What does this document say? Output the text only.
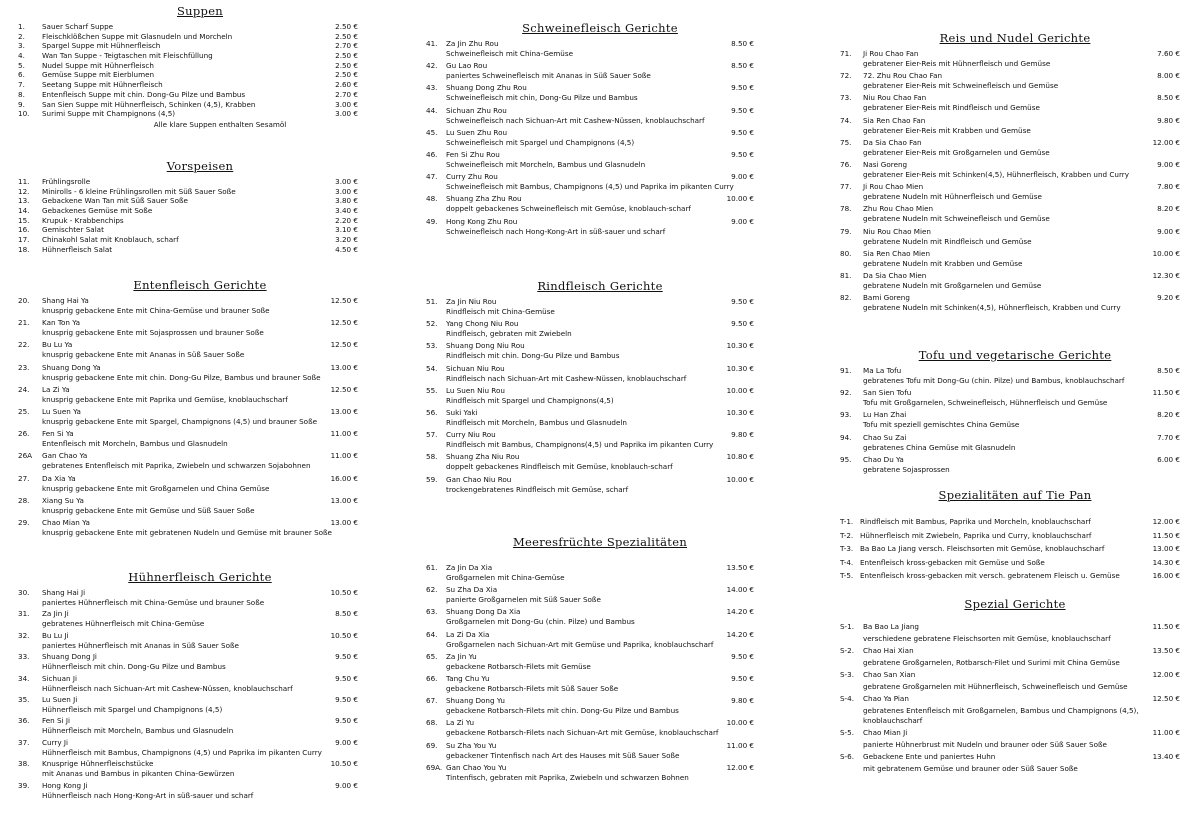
Suppen
1. Sauer Scharf Suppe	2.50 €
2. Fleischklößchen Suppe mit Glasnudeln und Morcheln	2.50 €
3. Spargel Suppe mit Hühnerfleisch	2.70 €
4. Wan Tan Suppe - Teigtaschen mit Fleischfüllung	2.50 €
5. Nudel Suppe mit Hühnerfleisch	2.50 €
6. Gemüse Suppe mit Eierblumen	2.50 €
7. Seetang Suppe mit Hühnerfleisch	2.60 €
8. Entenfleisch Suppe mit chin. Dong-Gu Pilze und Bambus	2.70 €
9. San Sien Suppe mit Hühnerfleisch, Schinken (4,5), Krabben	3.00 €
10. Surimi Suppe mit Champignons (4,5)	3.00 €
Alle klare Suppen enthalten Sesamöl
Vorspeisen
11. Frühlingsrolle	3.00 €
12. Minirolls - 6 kleine Frühlingsrollen mit Süß Sauer Soße	3.00 €
13. Gebackene Wan Tan mit Süß Sauer Soße	3.80 €
14. Gebackenes Gemüse mit Soße	3.40 €
15. Krupuk - Krabbenchips	2.20 €
16. Gemischter Salat	3.10 €
17. Chinakohl Salat mit Knoblauch, scharf	3.20 €
18. Hühnerfleisch Salat	4.50 €
Entenfleisch Gerichte
20. Shang Hai Ya	12.50 €
knusprig gebackene Ente mit China-Gemüse und brauner Soße
21. Kan Ton Ya	12.50 €
knusprig gebackene Ente mit Sojasprossen und brauner Soße
22. Bu Lu Ya	12.50 €
knusprig gebackene Ente mit Ananas in Süß Sauer Soße
23. Shuang Dong Ya	13.00 €
knusprig gebackene Ente mit chin. Dong-Gu Pilze, Bambus und brauner Soße
24. La Zi Ya	12.50 €
knusprig gebackene Ente mit Paprika und Gemüse, knoblauchscharf
25. Lu Suen Ya	13.00 €
knusprig gebackene Ente mit Spargel, Champignons (4,5) und brauner Soße
26. Fen Si Ya	11.00 €
Entenfleisch mit Morcheln, Bambus und Glasnudeln
26A Gan Chao Ya	11.00 €
gebratenes Entenfleisch mit Paprika, Zwiebeln und schwarzen Sojabohnen
27. Da Xia Ya	16.00 €
knusprig gebackene Ente mit Großgarnelen und China Gemüse
28. Xiang Su Ya	13.00 €
knusprig gebackene Ente mit Gemüse und Süß Sauer Soße
29. Chao Mian Ya	13.00 €
knusprig gebackene Ente mit gebratenen Nudeln und Gemüse mit brauner Soße
Hühnerfleisch Gerichte
30. Shang Hai Ji	10.50 €
paniertes Hühnerfleisch mit China-Gemüse und brauner Soße
31. Za Jin Ji	8.50 €
gebratenes Hühnerfleisch mit China-Gemüse
32. Bu Lu Ji	10.50 €
paniertes Hühnerfleisch mit Ananas in Süß Sauer Soße
33. Shuang Dong Ji	9.50 €
Hühnerfleisch mit chin. Dong-Gu Pilze und Bambus
34. Sichuan Ji	9.50 €
Hühnerfleisch nach Sichuan-Art mit Cashew-Nüssen, knoblauchscharf
35. Lu Suen Ji	9.50 €
Hühnerfleisch mit Spargel und Champignons (4,5)
36. Fen Si Ji	9.50 €
Hühnerfleisch mit Morcheln, Bambus und Glasnudeln
37. Curry Ji	9.00 €
Hühnerfleisch mit Bambus, Champignons (4,5) und Paprika im pikanten Curry
38. Knusprige Hühnerfleischstücke	10.50 €
mit Ananas und Bambus in pikanten China-Gewürzen
39. Hong Kong Ji	9.00 €
Hühnerfleisch nach Hong-Kong-Art in süß-sauer und scharf
Schweinefleisch Gerichte
41. Za Jin Zhu Rou	8.50 €
Schweinefleisch mit China-Gemüse
42. Gu Lao Rou	8.50 €
paniertes Schweinefleisch mit Ananas in Süß Sauer Soße
43. Shuang Dong Zhu Rou	9.50 €
Schweinefleisch mit chin, Dong-Gu Pilze und Bambus
44. Sichuan Zhu Rou	9.50 €
Schweinefleisch nach Sichuan-Art mit Cashew-Nüssen, knoblauchscharf
45. Lu Suen Zhu Rou	9.50 €
Schweinefleisch mit Spargel und Champignons (4,5)
46. Fen Si Zhu Rou	9.50 €
Schweinefleisch mit Morcheln, Bambus und Glasnudeln
47. Curry Zhu Rou	9.00 €
Schweinefleisch mit Bambus, Champignons (4,5) und Paprika im pikanten Curry
48. Shuang Zha Zhu Rou	10.00 €
doppelt gebackenes Schweinefleisch mit Gemüse, knoblauch-scharf
49. Hong Kong Zhu Rou	9.00 €
Schweinefleisch nach Hong-Kong-Art in süß-sauer und scharf
Rindfleisch Gerichte
51. Za Jin Niu Rou	9.50 €
Rindfleisch mit China-Gemüse
52. Yang Chong Niu Rou	9.50 €
Rindfleisch, gebraten mit Zwiebeln
53. Shuang Dong Niu Rou	10.30 €
Rindfleisch mit chin. Dong-Gu Pilze und Bambus
54. Sichuan Niu Rou	10.30 €
Rindfleisch nach Sichuan-Art mit Cashew-Nüssen, knoblauchscharf
55. Lu Suen Niu Rou	10.00 €
Rindfleisch mit Spargel und Champignons(4,5)
56. Suki Yaki	10.30 €
Rindfleisch mit Morcheln, Bambus und Glasnudeln
57. Curry Niu Rou	9.80 €
Rindfleisch mit Bambus, Champignons(4,5) und Paprika im pikanten Curry
58. Shuang Zha Niu Rou	10.80 €
doppelt gebackenes Rindfleisch mit Gemüse, knoblauch-scharf
59. Gan Chao Niu Rou	10.00 €
trockengebratenes Rindfleisch mit Gemüse, scharf
Meeresfrüchte Spezialitäten
61. Za Jin Da Xia	13.50 €
Großgarnelen mit China-Gemüse
62. Su Zha Da Xia	14.00 €
panierte Großgarnelen mit Süß Sauer Soße
63. Shuang Dong Da Xia	14.20 €
Großgarnelen mit Dong-Gu (chin. Pilze) und Bambus
64. La Zi Da Xia	14.20 €
Großgarnelen nach Sichuan-Art mit Gemüse und Paprika, knoblauchscharf
65. Za Jin Yu	9.50 €
gebackene Rotbarsch-Filets mit Gemüse
66. Tang Chu Yu	9.50 €
gebackene Rotbarsch-Filets mit Süß Sauer Soße
67. Shuang Dong Yu	9.80 €
gebackene Rotbarsch-Filets mit chin. Dong-Gu Pilze und Bambus
68. La Zi Yu	10.00 €
gebackene Rotbarsch-Filets nach Sichuan-Art mit Gemüse, knoblauchscharf
69. Su Zha You Yu	11.00 €
gebackener Tintenfisch nach Art des Hauses mit Süß Sauer Soße
69A. Gan Chao You Yu	12.00 €
Tintenfisch, gebraten mit Paprika, Zwiebeln und schwarzen Bohnen
Reis und Nudel Gerichte
71. Ji Rou Chao Fan	7.60 €
gebratener Eier-Reis mit Hühnerfleisch und Gemüse
72. 72. Zhu Rou Chao Fan	8.00 €
gebratener Eier-Reis mit Schweinefleisch und Gemüse
73. Niu Rou Chao Fan	8.50 €
gebratener Eier-Reis mit Rindfleisch und Gemüse
74. Sia Ren Chao Fan	9.80 €
gebratener Eier-Reis mit Krabben und Gemüse
75. Da Sia Chao Fan	12.00 €
gebratener Eier-Reis mit Großgarnelen und Gemüse
76. Nasi Goreng	9.00 €
gebratener Eier-Reis mit Schinken(4,5), Hühnerfleisch, Krabben und Curry
77. Ji Rou Chao Mien	7.80 €
gebratene Nudeln mit Hühnerfleisch und Gemüse
78. Zhu Rou Chao Mien	8.20 €
gebratene Nudeln mit Schweinefleisch und Gemüse
79. Niu Rou Chao Mien	9.00 €
gebratene Nudeln mit Rindfleisch und Gemüse
80. Sia Ren Chao Mien	10.00 €
gebratene Nudeln mit Krabben und Gemüse
81. Da Sia Chao Mien	12.30 €
gebratene Nudeln mit Großgarnelen und Gemüse
82. Bami Goreng	9.20 €
gebratene Nudeln mit Schinken(4,5), Hühnerfleisch, Krabben und Curry
Tofu und vegetarische Gerichte
91. Ma La Tofu	8.50 €
gebratenes Tofu mit Dong-Gu (chin. Pilze) und Bambus, knoblauchscharf
92. San Sien Tofu	11.50 €
Tofu mit Großgarnelen, Schweinefleisch, Hühnerfleisch und Gemüse
93. Lu Han Zhai	8.20 €
Tofu mit speziell gemischtes China Gemüse
94. Chao Su Zai	7.70 €
gebratenes China Gemüse mit Glasnudeln
95. Chao Du Ya	6.00 €
gebratene Sojasprossen
Spezialitäten auf Tie Pan
T-1. Rindfleisch mit Bambus, Paprika und Morcheln, knoblauchscharf	12.00 €
T-2. Hühnerfleisch mit Zwiebeln, Paprika und Curry, knoblauchscharf	11.50 €
T-3. Ba Bao La Jiang versch. Fleischsorten mit Gemüse, knoblauchscharf	13.00 €
T-4. Entenfleisch kross-gebacken mit Gemüse und Soße	14.30 €
T-5. Entenfleisch kross-gebacken mit versch. gebratenem Fleisch u. Gemüse	16.00 €
Spezial Gerichte
S-1. Ba Bao La Jiang	11.50 €
verschiedene gebratene Fleischsorten mit Gemüse, knoblauchscharf
S-2. Chao Hai Xian	13.50 €
gebratene Großgarnelen, Rotbarsch-Filet und Surimi mit China Gemüse
S-3. Chao San Xian	12.00 €
gebratene Großgarnelen mit Hühnerfleisch, Schweinefleisch und Gemüse
S-4. Chao Ya Pian	12.50 €
gebratenes Entenfleisch mit Großgarnelen, Bambus und Champignons (4,5),
knoblauchscharf
S-5. Chao Mian Ji	11.00 €
panierte Hühnerbrust mit Nudeln und brauner oder Süß Sauer Soße
S-6. Gebackene Ente und paniertes Huhn	13.40 €
mit gebratenem Gemüse und brauner oder Süß Sauer Soße
